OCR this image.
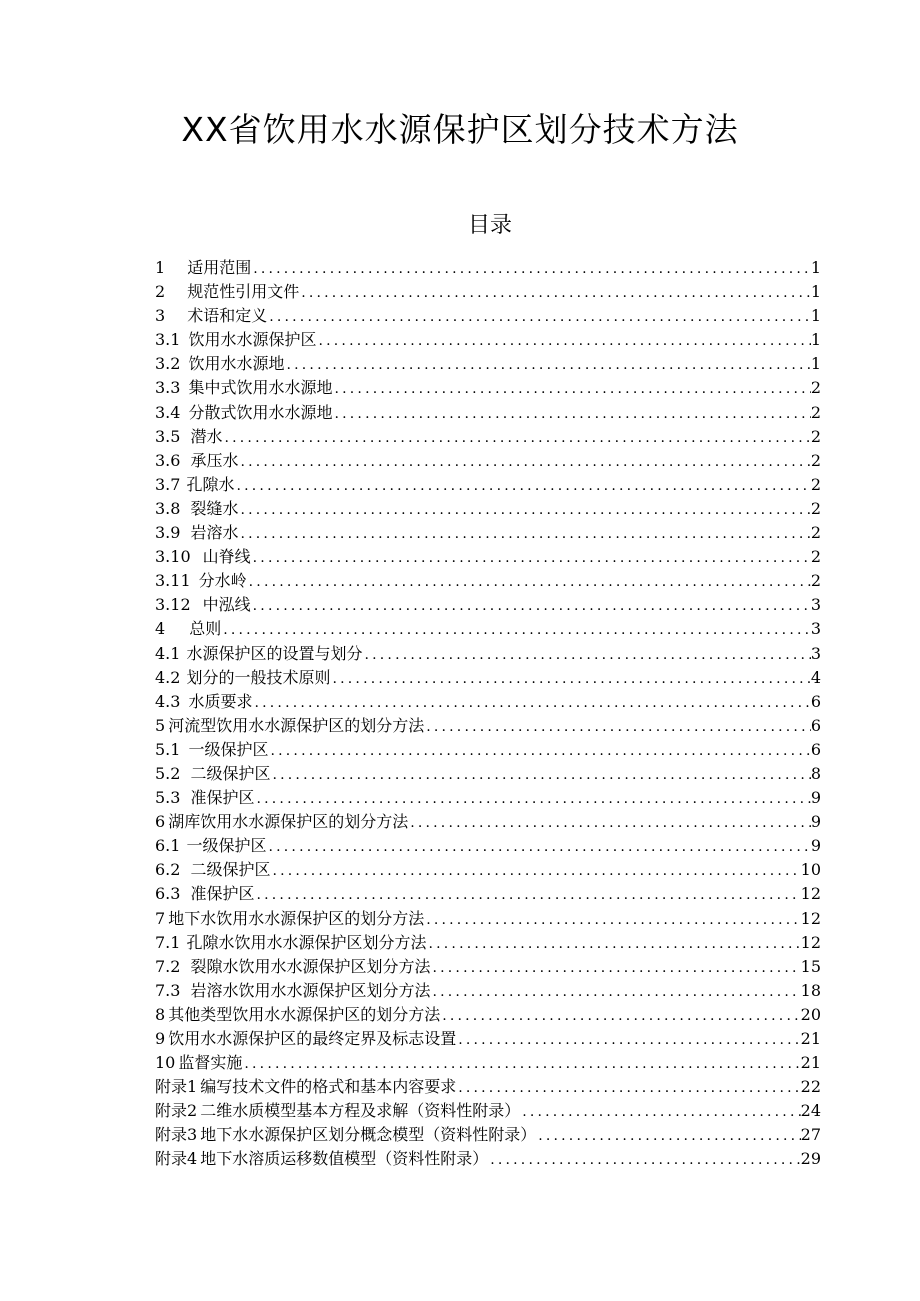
XX省饮用水水源保护区划分技术方法
目录
1 适用范围 .....	1
2 规范性引用文件 .....	1
3 术语和定义 .....	1
3.1 饮用水水源保护区 .....	1
3.2 饮用水水源地 .....	1
3.3 集中式饮用水水源地 .....	2
3.4 分散式饮用水水源地 .....	2
3.5 潜水 .....	2
3.6 承压水 .....	2
3.7 孔隙水 .....	2
3.8 裂缝水 .....	2
3.9 岩溶水 .....	2
3.10 山脊线 .....	2
3.11 分水岭 .....	2
3.12 中泓线 .....	3
4 总则 .....	3
4.1 水源保护区的设置与划分 .....	3
4.2 划分的一般技术原则 .....	4
4.3 水质要求 .....	6
5 河流型饮用水水源保护区的划分方法 .....	6
5.1 一级保护区 .....	6
5.2 二级保护区 .....	8
5.3 准保护区 .....	9
6 湖库饮用水水源保护区的划分方法 .....	9
6.1 一级保护区 .....	9
6.2 二级保护区 .....	10
6.3 准保护区 .....	12
7 地下水饮用水水源保护区的划分方法 .....	12
7.1 孔隙水饮用水水源保护区划分方法 .....	12
7.2 裂隙水饮用水水源保护区划分方法 .....	15
7.3 岩溶水饮用水水源保护区划分方法 .....	18
8 其他类型饮用水水源保护区的划分方法 .....	20
9 饮用水水源保护区的最终定界及标志设置 .....	21
10 监督实施 .....	21
附录1 编写技术文件的格式和基本内容要求 .....	22
附录2 二维水质模型基本方程及求解（资料性附录） .....	24
附录3 地下水水源保护区划分概念模型（资料性附录） .....	27
附录4 地下水溶质运移数值模型（资料性附录） .....	29
